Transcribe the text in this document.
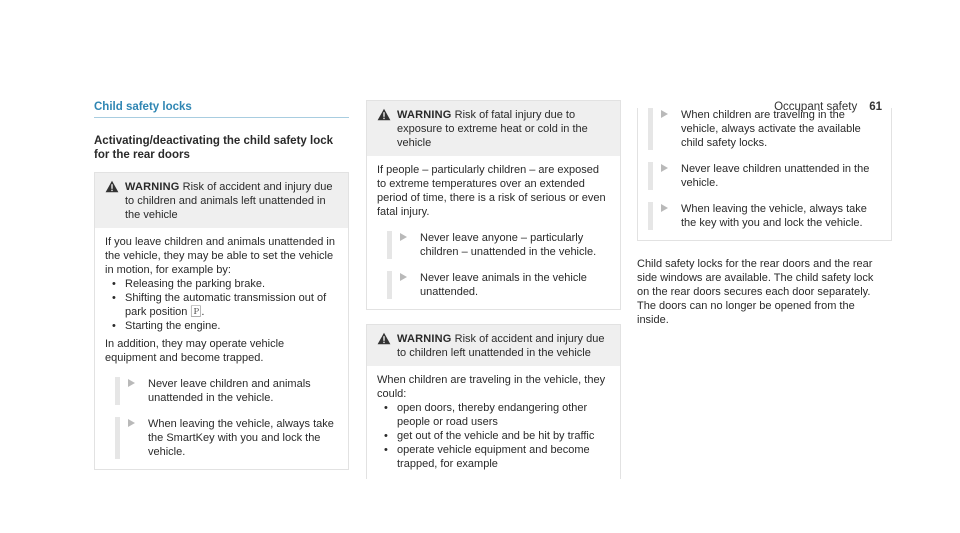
Occupant safety 61
Child safety locks
Activating/deactivating the child safety lock for the rear doors
WARNING Risk of accident and injury due to children and animals left unattended in the vehicle
If you leave children and animals unattended in the vehicle, they may be able to set the vehicle in motion, for example by:
• Releasing the parking brake.
• Shifting the automatic transmission out of park position 🄿.
• Starting the engine.
In addition, they may operate vehicle equipment and become trapped.
Never leave children and animals unattended in the vehicle.
When leaving the vehicle, always take the SmartKey with you and lock the vehicle.
WARNING Risk of fatal injury due to exposure to extreme heat or cold in the vehicle
If people – particularly children – are exposed to extreme temperatures over an extended period of time, there is a risk of serious or even fatal injury.
Never leave anyone – particularly children – unattended in the vehicle.
Never leave animals in the vehicle unattended.
WARNING Risk of accident and injury due to children left unattended in the vehicle
When children are traveling in the vehicle, they could:
• open doors, thereby endangering other people or road users
• get out of the vehicle and be hit by traffic
• operate vehicle equipment and become trapped, for example
When children are traveling in the vehicle, always activate the available child safety locks.
Never leave children unattended in the vehicle.
When leaving the vehicle, always take the key with you and lock the vehicle.
Child safety locks for the rear doors and the rear side windows are available. The child safety lock on the rear doors secures each door separately. The doors can no longer be opened from the inside.
